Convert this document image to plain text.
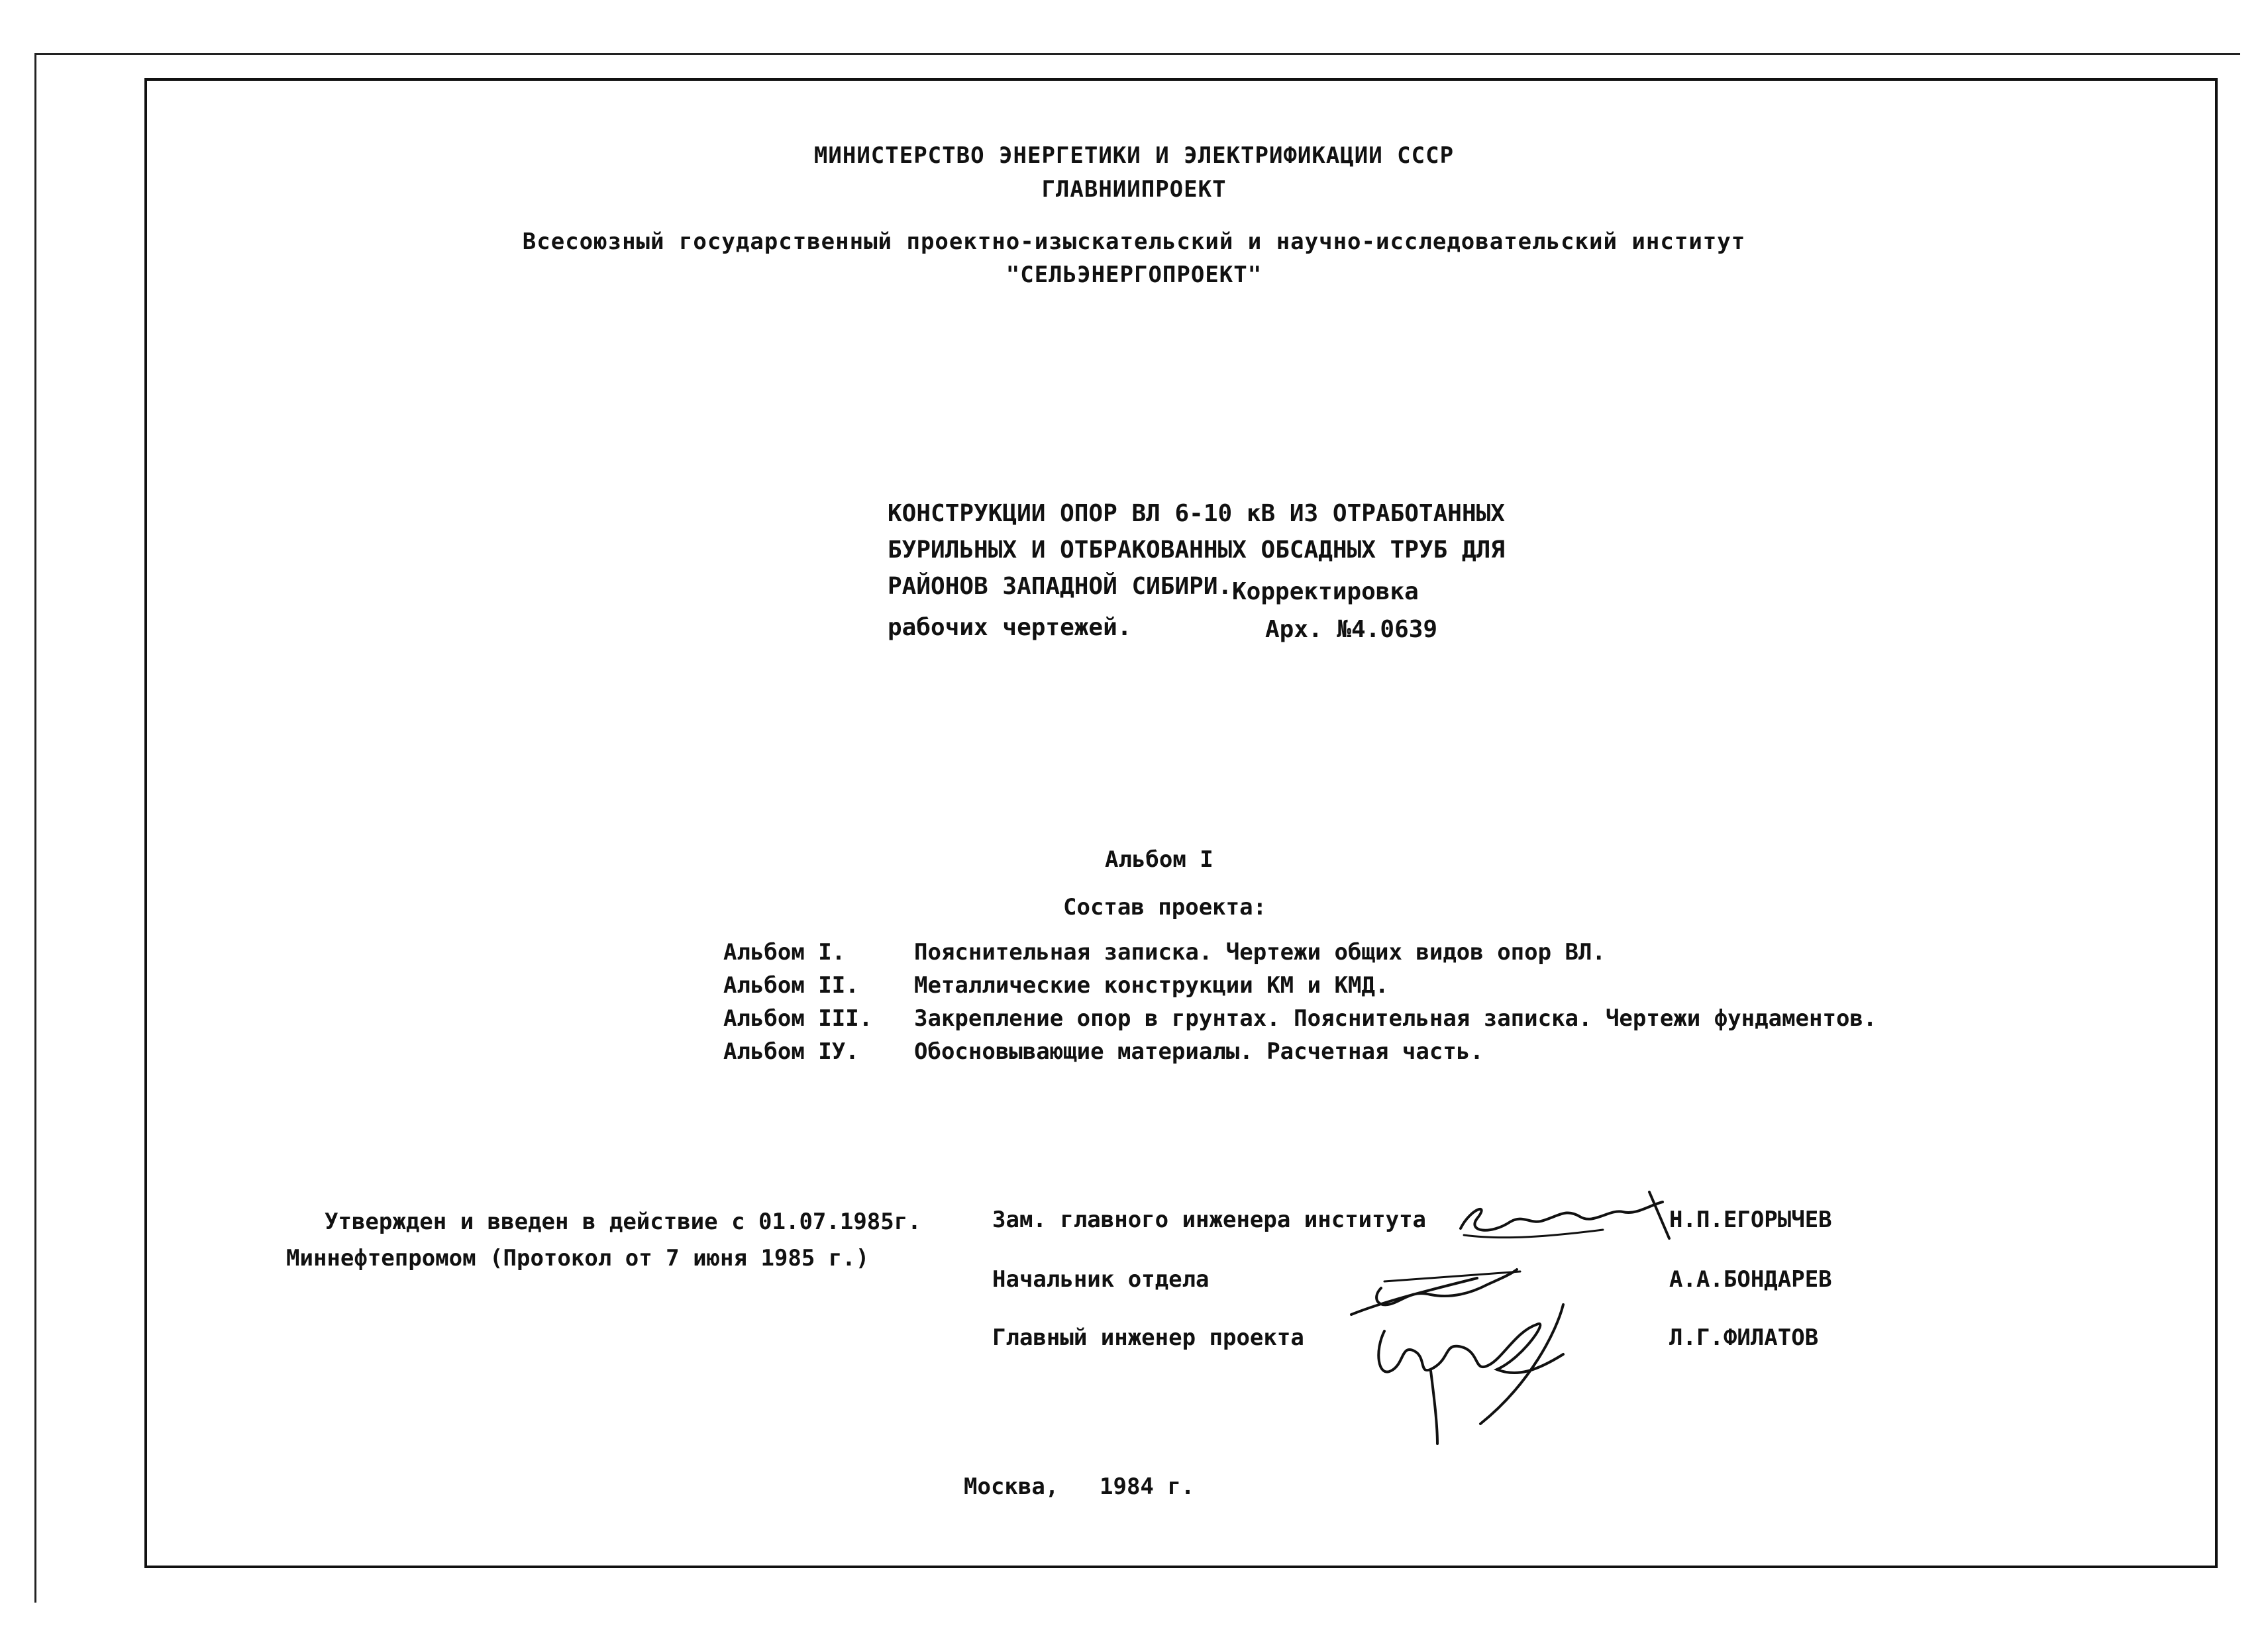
МИНИСТЕРСТВО ЭНЕРГЕТИКИ И ЭЛЕКТРИФИКАЦИИ СССР
ГЛАВНИИПРОЕКТ
Всесоюзный государственный проектно-изыскательский и научно-исследовательский институт
"СЕЛЬЭНЕРГОПРОЕКТ"
КОНСТРУКЦИИ ОПОР ВЛ 6-10 кВ ИЗ ОТРАБОТАННЫХ
БУРИЛЬНЫХ И ОТБРАКОВАННЫХ ОБСАДНЫХ ТРУБ ДЛЯ
РАЙОНОВ ЗАПАДНОЙ СИБИРИ. Корректировка
рабочих чертежей.	Арх. №4.0639
Альбом I
Состав проекта:
Альбом I.	Пояснительная записка. Чертежи общих видов опор ВЛ.
Альбом II. Металлические конструкции КМ и КМД.
Альбом III. Закрепление опор в грунтах. Пояснительная записка. Чертежи фундаментов.
Альбом IУ. Обосновывающие материалы. Расчетная часть.
Утвержден и введен в действие с 01.07.1985г.
Миннефтепромом (Протокол от 7 июня 1985 г.)
Зам. главного инженера института	Н.П.ЕГОРЫЧЕВ
Начальник отдела	А.А.БОНДАРЕВ
Главный инженер проекта	Л.Г.ФИЛАТОВ
Москва, 1984 г.
